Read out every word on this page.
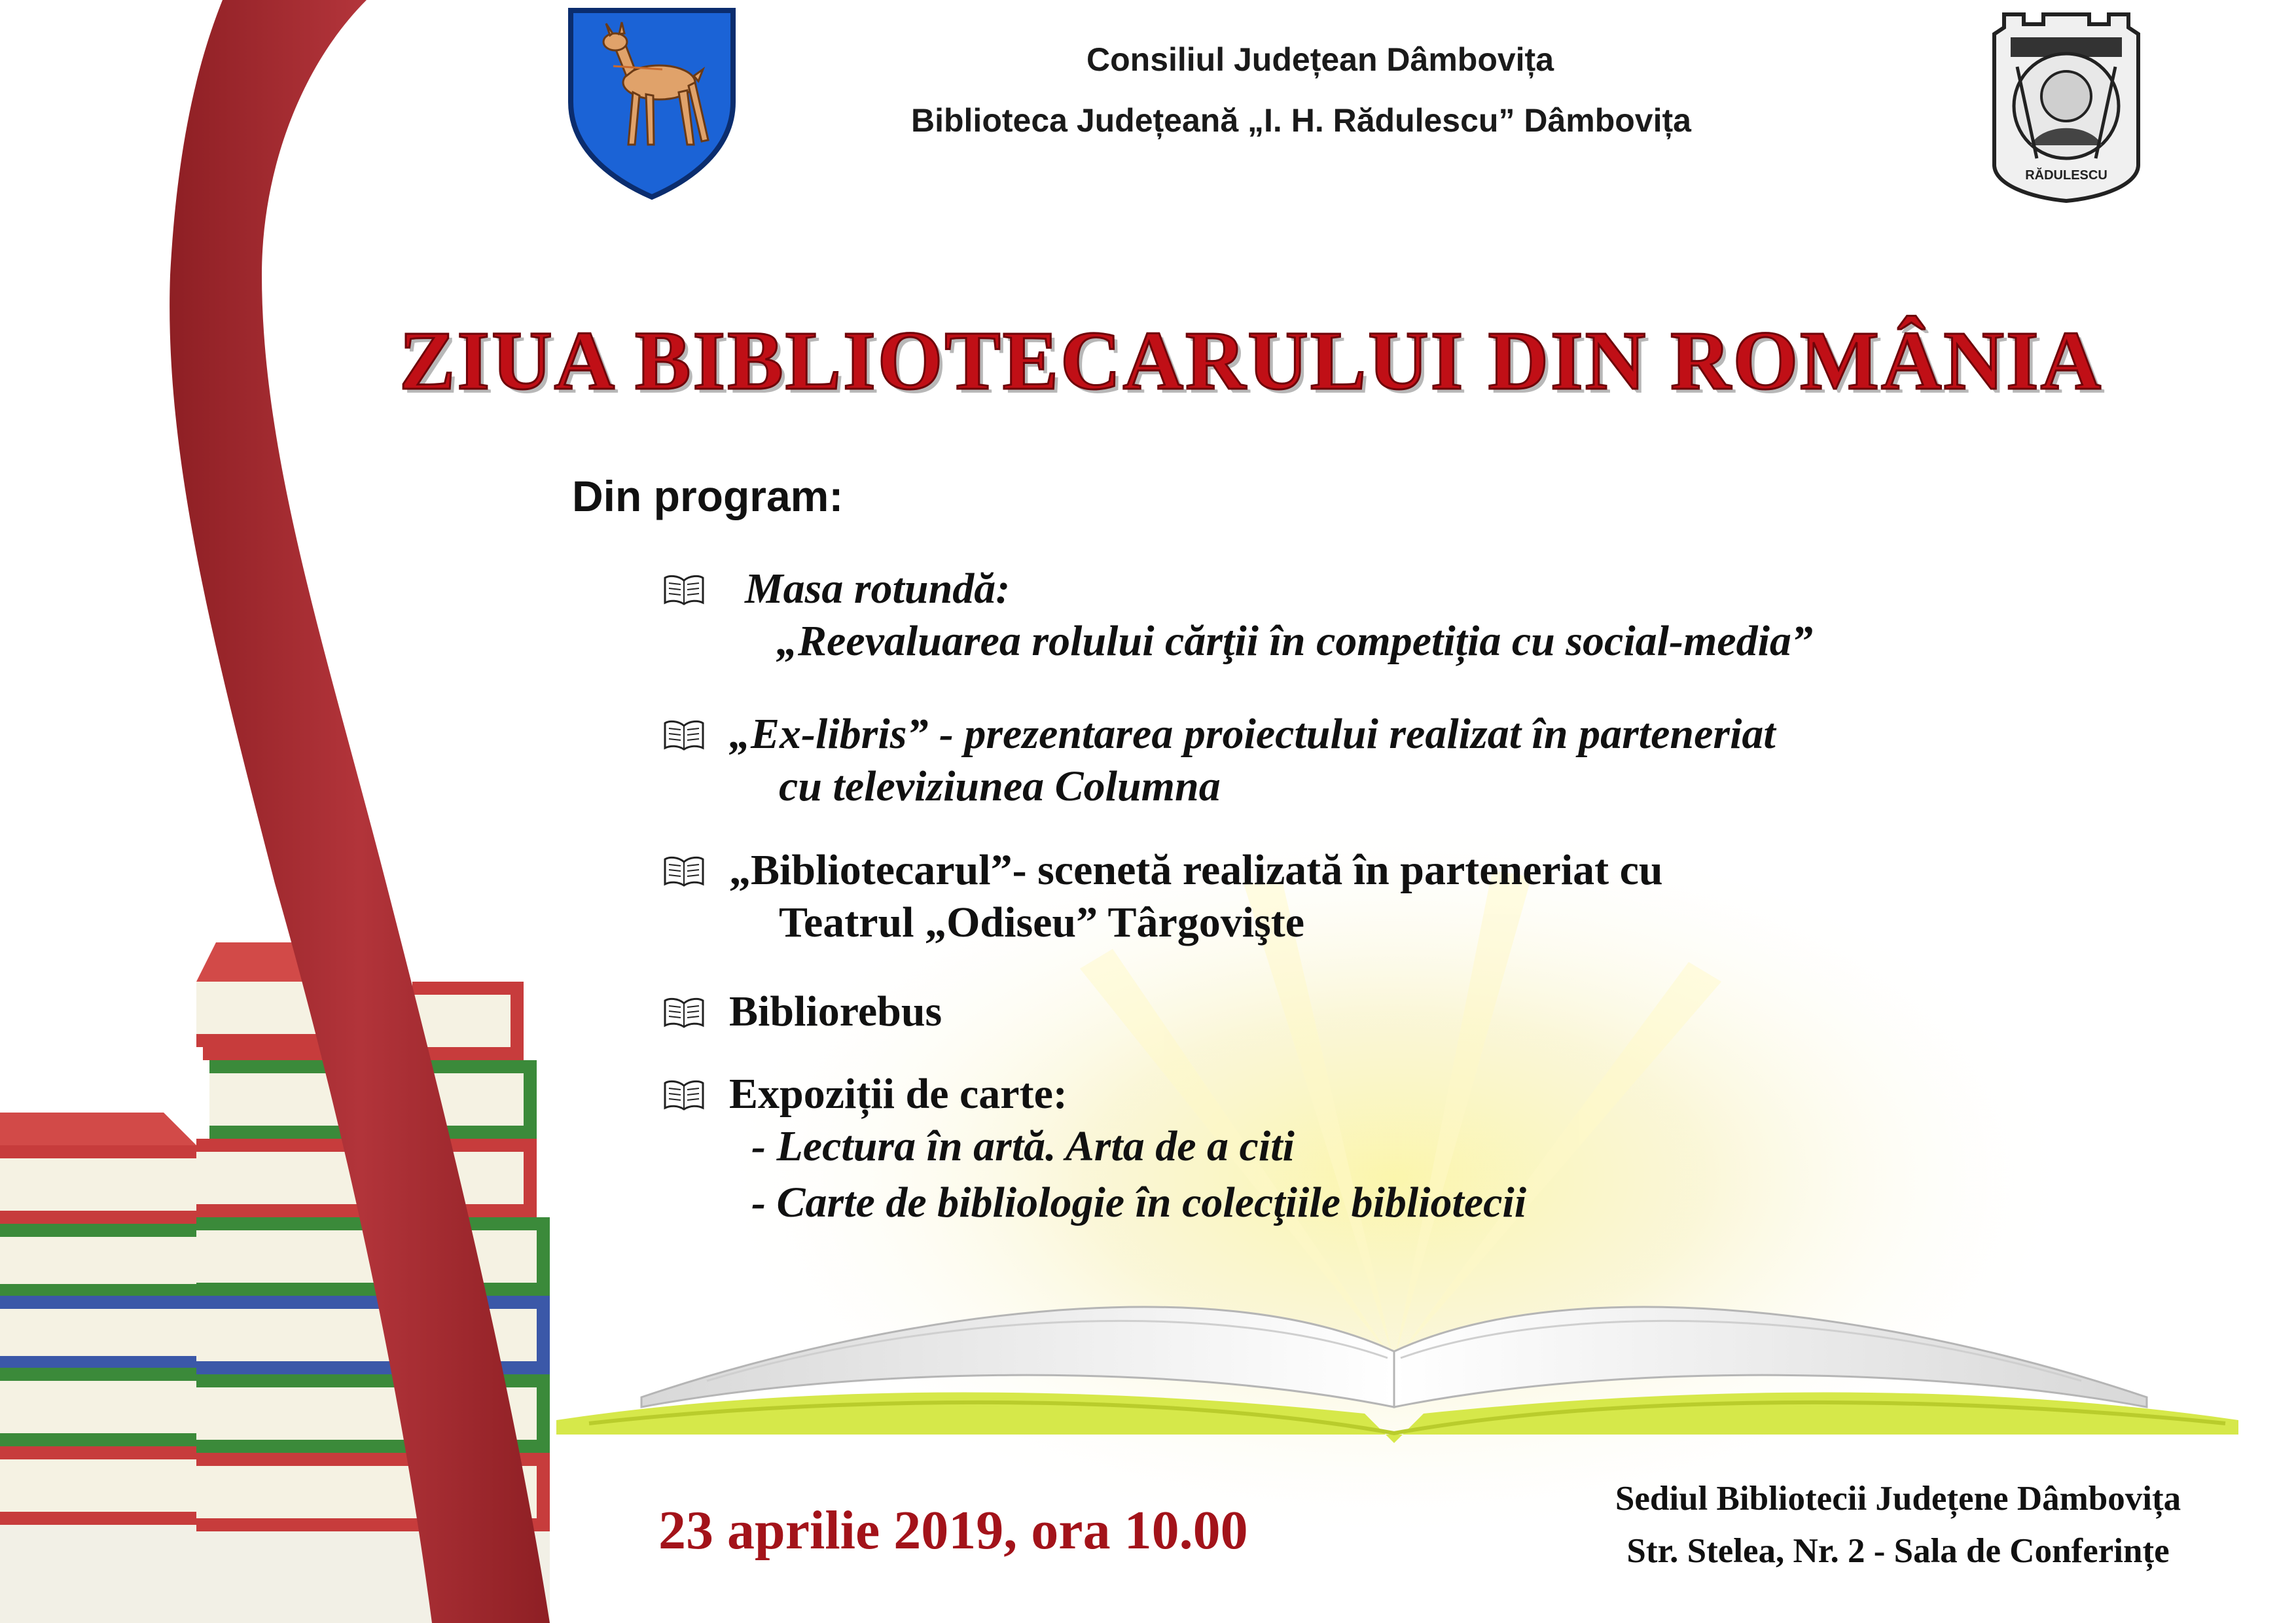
Consiliul Județean Dâmbovița
Biblioteca Județeană „I. H. Rădulescu” Dâmbovița
RĂDULESCU
ZIUA BIBLIOTECARULUI DIN ROMÂNIA
Din program:
Masa rotundă:
„Reevaluarea rolului cărţii în competiția cu social-media”
„Ex-libris” - prezentarea proiectului realizat în parteneriat
cu televiziunea Columna
„Bibliotecarul”- scenetă realizată în parteneriat cu
Teatrul „Odiseu” Târgovişte
Bibliorebus
Expoziții de carte:
- Lectura în artă. Arta de a citi
- Carte de bibliologie în colecţiile bibliotecii
23 aprilie 2019, ora 10.00
Sediul Bibliotecii Județene Dâmbovița
Str. Stelea, Nr. 2 - Sala de Conferințe
